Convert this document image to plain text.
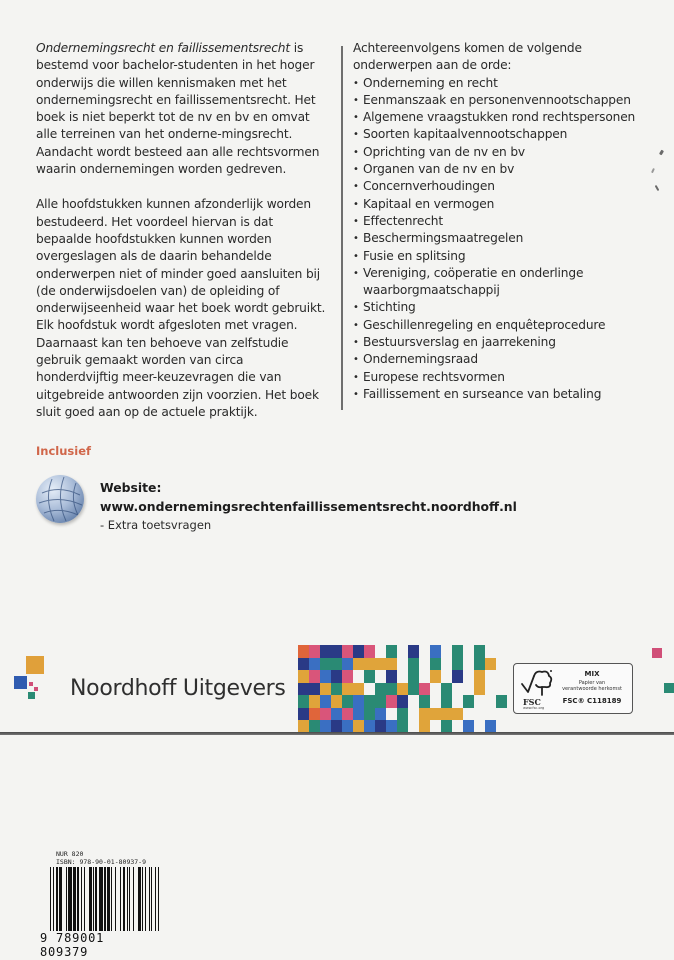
Ondernemingsrecht en faillissementsrecht is bestemd voor bachelor-studenten in het hoger onderwijs die willen kennismaken met het ondernemingsrecht en faillissementsrecht. Het boek is niet beperkt tot de nv en bv en omvat alle terreinen van het onderne-mingsrecht. Aandacht wordt besteed aan alle rechtsvormen waarin ondernemingen worden gedreven.

Alle hoofdstukken kunnen afzonderlijk worden bestudeerd. Het voordeel hiervan is dat bepaalde hoofdstukken kunnen worden overgeslagen als de daarin behandelde onderwerpen niet of minder goed aansluiten bij (de onderwijsdoelen van) de opleiding of onderwijseenheid waar het boek wordt gebruikt. Elk hoofdstuk wordt afgesloten met vragen. Daarnaast kan ten behoeve van zelfstudie gebruik gemaakt worden van circa honderdvijftig meer-keuzevragen die van uitgebreide antwoorden zijn voorzien. Het boek sluit goed aan op de actuele praktijk.

Achtereenvolgens komen de volgende onderwerpen aan de orde:
• Onderneming en recht
• Eenmanszaak en personenvennootschappen
• Algemene vraagstukken rond rechtspersonen
• Soorten kapitaalvennootschappen
• Oprichting van de nv en bv
• Organen van de nv en bv
• Concernverhoudingen
• Kapitaal en vermogen
• Effectenrecht
• Beschermingsmaatregelen
• Fusie en splitsing
• Vereniging, coöperatie en onderlinge waarborgmaatschappij
• Stichting
• Geschillenregeling en enquêteprocedure
• Bestuursverslag en jaarrekening
• Ondernemingsraad
• Europese rechtsvormen
• Faillissement en surseance van betaling
Inclusief
Website:
www.ondernemingsrechtenfaillissementsrecht.noordhoff.nl
- Extra toetsvragen
Noordhoff Uitgevers
FSC
www.fsc.org
MIX
Papier van
verantwoorde herkomst
FSC® C118189
NUR 820
ISBN: 978-90-01-80937-9
9 789001 809379
